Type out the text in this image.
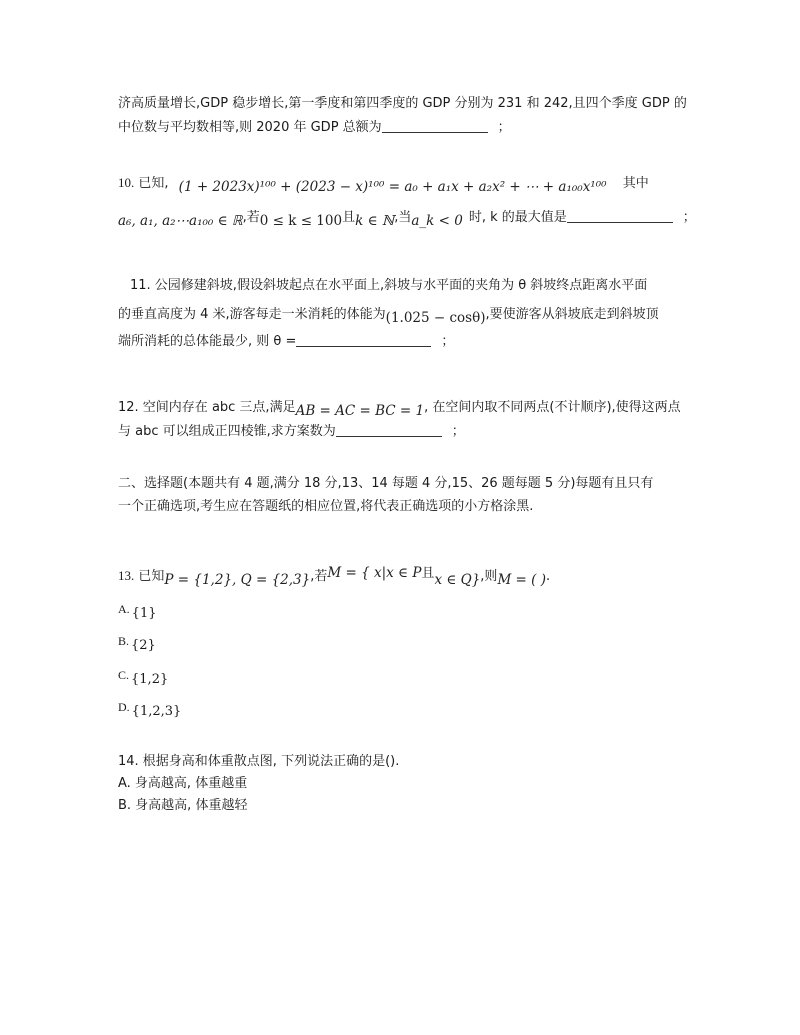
济高质量增长,GDP 稳步增长,第一季度和第四季度的 GDP 分别为 231 和 242,且四个季度 GDP 的
中位数与平均数相等,则 2020 年 GDP 总额为	；
10. 已知, (1 + 2023x)¹⁰⁰ + (2023 − x)¹⁰⁰ = a₀ + a₁x + a₂x² + ⋯ + a₁₀₀x¹⁰⁰ 其中
a₆, a₁, a₂⋯a₁₀₀ ∈ ℝ,若0 ≤ k ≤ 100且k ∈ ℕ,当a_k < 0 时, k 的最大值是	；
11. 公园修建斜坡,假设斜坡起点在水平面上,斜坡与水平面的夹角为 θ 斜坡终点距离水平面
的垂直高度为 4 米,游客每走一米消耗的体能为(1.025 − cosθ),要使游客从斜坡底走到斜坡顶
端所消耗的总体能最少, 则 θ =	；
12. 空间内存在 abc 三点,满足AB = AC = BC = 1, 在空间内取不同两点(不计顺序),使得这两点
与 abc 可以组成正四棱锥,求方案数为	；
二、选择题(本题共有 4 题,满分 18 分,13、14 每题 4 分,15、26 题每题 5 分)每题有且只有
一个正确选项,考生应在答题纸的相应位置,将代表正确选项的小方格涂黑.
13. 已知P = {1,2}, Q = {2,3},若M = { x|x ∈ P且x ∈ Q},则M = ( ).
A. {1}
B. {2}
C. {1,2}
D. {1,2,3}
14. 根据身高和体重散点图, 下列说法正确的是().
A. 身高越高, 体重越重
B. 身高越高, 体重越轻
